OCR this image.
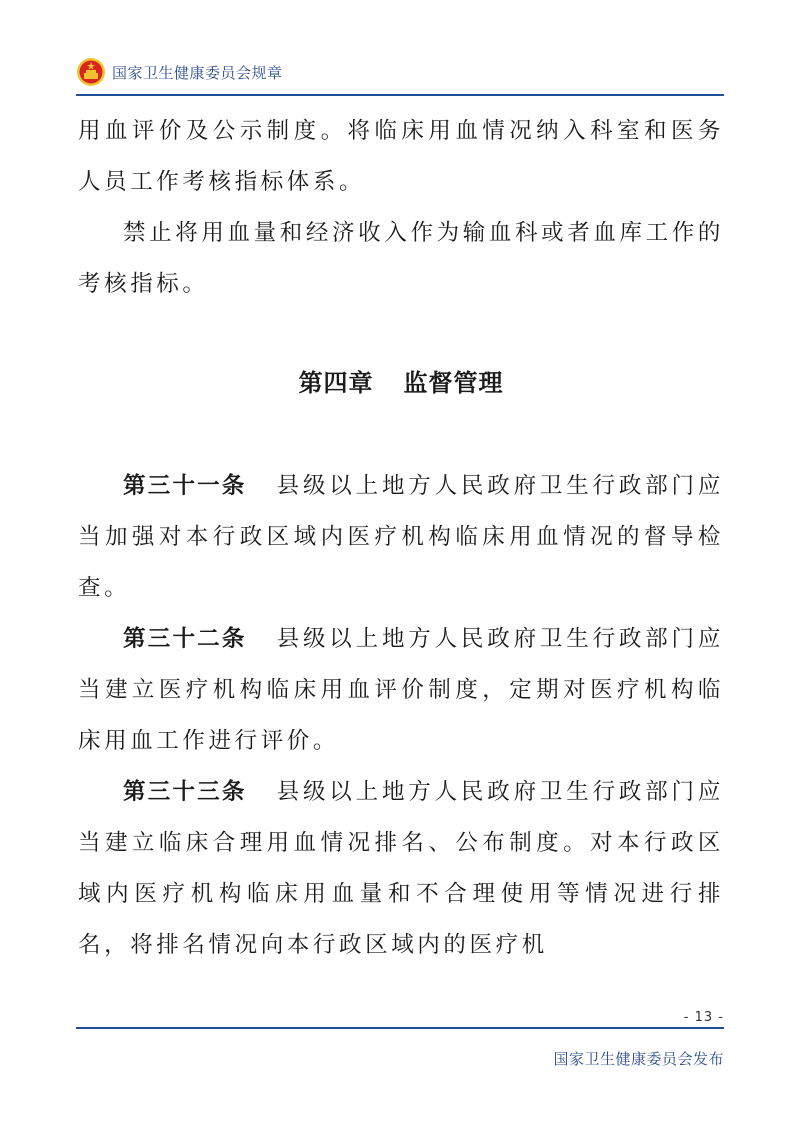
国家卫生健康委员会规章

用血评价及公示制度。将临床用血情况纳入科室和医务人员工作考核指标体系。

禁止将用血量和经济收入作为输血科或者血库工作的考核指标。

第四章 监督管理

第三十一条 县级以上地方人民政府卫生行政部门应当加强对本行政区域内医疗机构临床用血情况的督导检查。

第三十二条 县级以上地方人民政府卫生行政部门应当建立医疗机构临床用血评价制度，定期对医疗机构临床用血工作进行评价。

第三十三条 县级以上地方人民政府卫生行政部门应当建立临床合理用血情况排名、公布制度。对本行政区域内医疗机构临床用血量和不合理使用等情况进行排名，将排名情况向本行政区域内的医疗机

- 13 -
国家卫生健康委员会发布
